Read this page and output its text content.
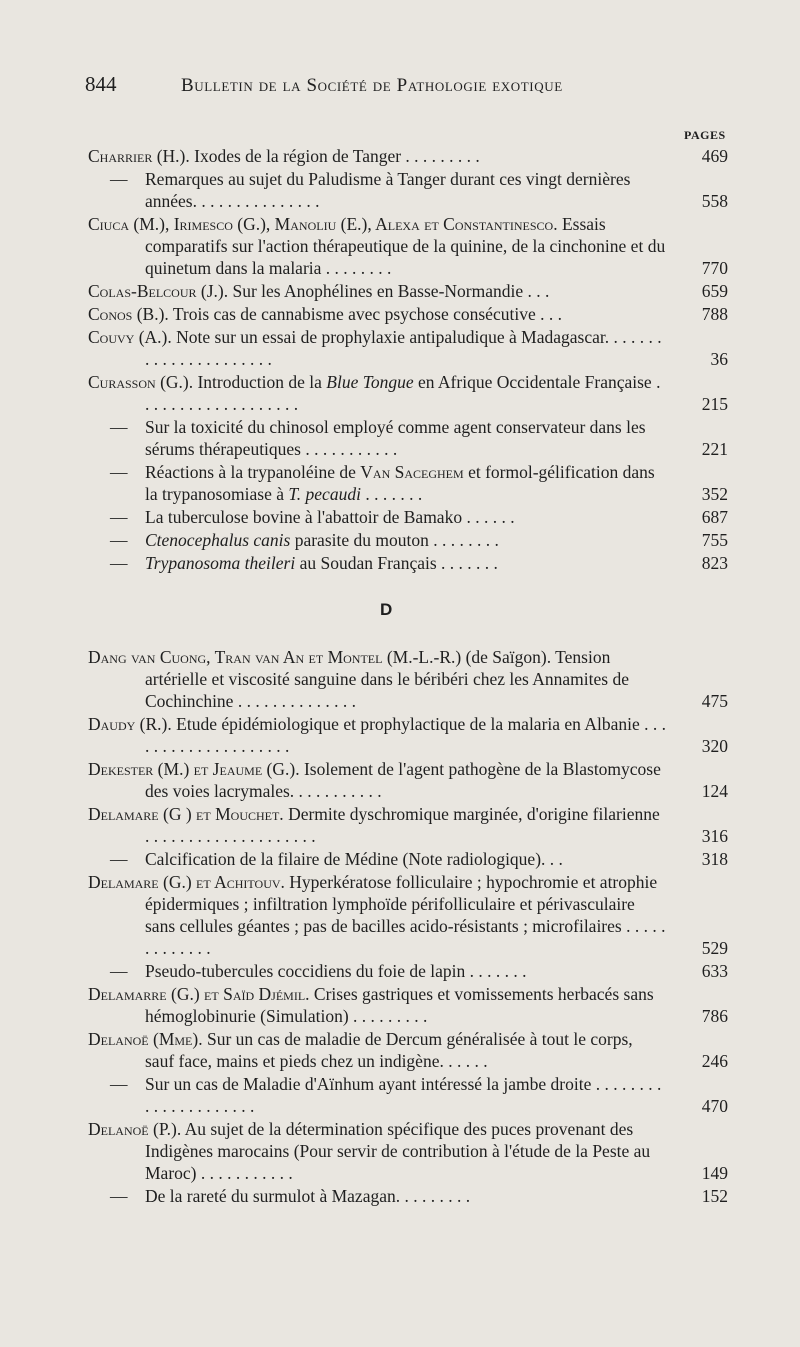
844	Bulletin de la Société de Pathologie exotique
PAGES
Charrier (H.). Ixodes de la région de Tanger . . . . . . . . .	469
—	Remarques au sujet du Paludisme à Tanger durant ces vingt dernières années. . . . . . . . . . . . . . .	558
Ciuca (M.), Irimesco (G.), Manoliu (E.), Alexa et Constantinesco. Essais comparatifs sur l'action thérapeutique de la quinine, de la cinchonine et du quinetum dans la malaria . . . . . . . .	770
Colas-Belcour (J.). Sur les Anophélines en Basse-Normandie . . .	659
Conos (B.). Trois cas de cannabisme avec psychose consécutive . . .	788
Couvy (A.). Note sur un essai de prophylaxie antipaludique à Madagascar. . . . . . . . . . . . . . . . . . . . . .	36
Curasson (G.). Introduction de la Blue Tongue en Afrique Occidentale Française . . . . . . . . . . . . . . . . . . .	215
—	Sur la toxicité du chinosol employé comme agent conservateur dans les sérums thérapeutiques . . . . . . . . . . .	221
—	Réactions à la trypanoléine de Van Saceghem et formol-gélification dans la trypanosomiase à T. pecaudi . . . . . . .	352
—	La tuberculose bovine à l'abattoir de Bamako . . . . . .	687
—	Ctenocephalus canis parasite du mouton . . . . . . . .	755
—	Trypanosoma theileri au Soudan Français . . . . . . .	823
D
Dang van Cuong, Tran van An et Montel (M.-L.-R.) (de Saïgon). Tension artérielle et viscosité sanguine dans le béribéri chez les Annamites de Cochinchine . . . . . . . . . . . . . .	475
Daudy (R.). Etude épidémiologique et prophylactique de la malaria en Albanie . . . . . . . . . . . . . . . . . . . .	320
Dekester (M.) et Jeaume (G.). Isolement de l'agent pathogène de la Blastomycose des voies lacrymales. . . . . . . . . . .	124
Delamare (G ) et Mouchet. Dermite dyschromique marginée, d'origine filarienne . . . . . . . . . . . . . . . . . . . .	316
—	Calcification de la filaire de Médine (Note radiologique). . .	318
Delamare (G.) et Achitouv. Hyperkératose folliculaire ; hypochromie et atrophie épidermiques ; infiltration lymphoïde périfolliculaire et périvasculaire sans cellules géantes ; pas de bacilles acido-résistants ; microfilaires . . . . . . . . . . . . .	529
—	Pseudo-tubercules coccidiens du foie de lapin . . . . . . .	633
Delamarre (G.) et Saïd Djémil. Crises gastriques et vomissements herbacés sans hémoglobinurie (Simulation) . . . . . . . . .	786
Delanoë (Mme). Sur un cas de maladie de Dercum généralisée à tout le corps, sauf face, mains et pieds chez un indigène. . . . . .	246
—	Sur un cas de Maladie d'Aïnhum ayant intéressé la jambe droite . . . . . . . . . . . . . . . . . . . . .	470
Delanoë (P.). Au sujet de la détermination spécifique des puces provenant des Indigènes marocains (Pour servir de contribution à l'étude de la Peste au Maroc) . . . . . . . . . . .	149
—	De la rareté du surmulot à Mazagan. . . . . . . . .	152
